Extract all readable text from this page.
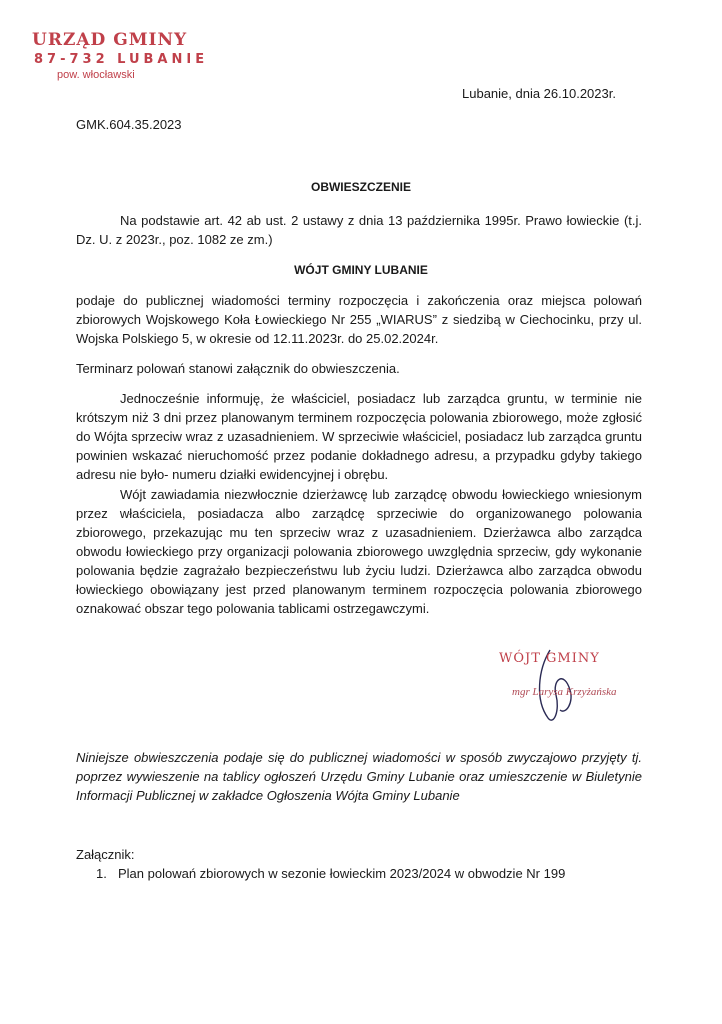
URZĄD GMINY
87-732 LUBANIE
pow. włocławski
Lubanie, dnia 26.10.2023r.
GMK.604.35.2023
OBWIESZCZENIE
Na podstawie art. 42 ab ust. 2 ustawy z dnia 13 października 1995r. Prawo łowieckie (t.j. Dz. U. z 2023r., poz. 1082 ze zm.)
WÓJT GMINY LUBANIE
podaje do publicznej wiadomości terminy rozpoczęcia i zakończenia oraz miejsca polowań zbiorowych Wojskowego Koła Łowieckiego Nr 255 „WIARUS” z siedzibą w Ciechocinku, przy ul. Wojska Polskiego 5, w okresie od 12.11.2023r. do 25.02.2024r.
Terminarz polowań stanowi załącznik do obwieszczenia.
Jednocześnie informuję, że właściciel, posiadacz lub zarządca gruntu, w terminie nie krótszym niż 3 dni przez planowanym terminem rozpoczęcia polowania zbiorowego, może zgłosić do Wójta sprzeciw wraz z uzasadnieniem. W sprzeciwie właściciel, posiadacz lub zarządca gruntu powinien wskazać nieruchomość przez podanie dokładnego adresu, a przypadku gdyby takiego adresu nie było- numeru działki ewidencyjnej i obrębu.
Wójt zawiadamia niezwłocznie dzierżawcę lub zarządcę obwodu łowieckiego wniesionym przez właściciela, posiadacza albo zarządcę sprzeciwie do organizowanego polowania zbiorowego, przekazując mu ten sprzeciw wraz z uzasadnieniem. Dzierżawca albo zarządca obwodu łowieckiego przy organizacji polowania zbiorowego uwzględnia sprzeciw, gdy wykonanie polowania będzie zagrażało bezpieczeństwu lub życiu ludzi. Dzierżawca albo zarządca obwodu łowieckiego obowiązany jest przed planowanym terminem rozpoczęcia polowania zbiorowego oznakować obszar tego polowania tablicami ostrzegawczymi.
WÓJT GMINY
mgr Larysa Krzyżańska
Niniejsze obwieszczenia podaje się do publicznej wiadomości w sposób zwyczajowo przyjęty tj. poprzez wywieszenie na tablicy ogłoszeń Urzędu Gminy Lubanie oraz umieszczenie w Biuletynie Informacji Publicznej w zakładce Ogłoszenia Wójta Gminy Lubanie
Załącznik:
1. Plan polowań zbiorowych w sezonie łowieckim 2023/2024 w obwodzie Nr 199
